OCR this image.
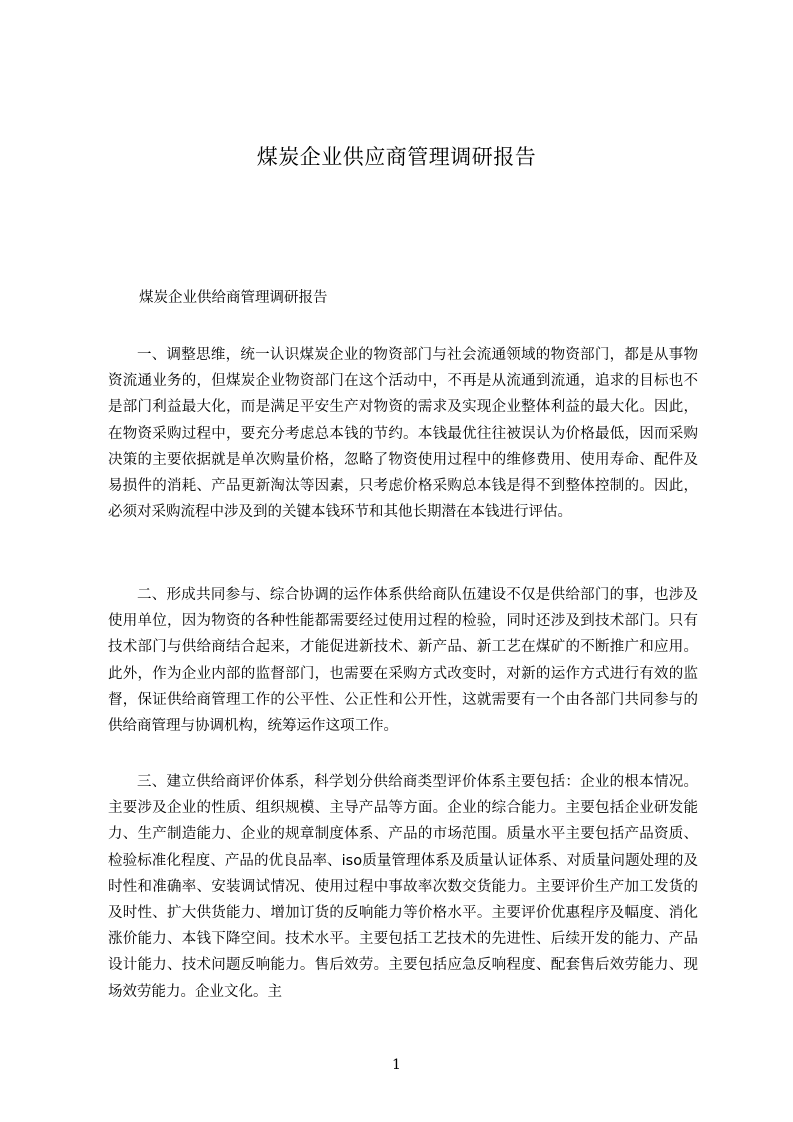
煤炭企业供应商管理调研报告

煤炭企业供给商管理调研报告

一、调整思维，统一认识煤炭企业的物资部门与社会流通领域的物资部门，都是从事物资流通业务的，但煤炭企业物资部门在这个活动中，不再是从流通到流通，追求的目标也不是部门利益最大化，而是满足平安生产对物资的需求及实现企业整体利益的最大化。因此，在物资采购过程中，要充分考虑总本钱的节约。本钱最优往往被误认为价格最低，因而采购决策的主要依据就是单次购量价格，忽略了物资使用过程中的维修费用、使用寿命、配件及易损件的消耗、产品更新淘汰等因素，只考虑价格采购总本钱是得不到整体控制的。因此，必须对采购流程中涉及到的关键本钱环节和其他长期潜在本钱进行评估。

二、形成共同参与、综合协调的运作体系供给商队伍建设不仅是供给部门的事，也涉及使用单位，因为物资的各种性能都需要经过使用过程的检验，同时还涉及到技术部门。只有技术部门与供给商结合起来，才能促进新技术、新产品、新工艺在煤矿的不断推广和应用。此外，作为企业内部的监督部门，也需要在采购方式改变时，对新的运作方式进行有效的监督，保证供给商管理工作的公平性、公正性和公开性，这就需要有一个由各部门共同参与的供给商管理与协调机构，统筹运作这项工作。

三、建立供给商评价体系，科学划分供给商类型评价体系主要包括：企业的根本情况。主要涉及企业的性质、组织规模、主导产品等方面。企业的综合能力。主要包括企业研发能力、生产制造能力、企业的规章制度体系、产品的市场范围。质量水平主要包括产品资质、检验标准化程度、产品的优良品率、iso质量管理体系及质量认证体系、对质量问题处理的及时性和准确率、安装调试情况、使用过程中事故率次数交货能力。主要评价生产加工发货的及时性、扩大供货能力、增加订货的反响能力等价格水平。主要评价优惠程序及幅度、消化涨价能力、本钱下降空间。技术水平。主要包括工艺技术的先进性、后续开发的能力、产品设计能力、技术问题反响能力。售后效劳。主要包括应急反响程度、配套售后效劳能力、现场效劳能力。企业文化。主

1
